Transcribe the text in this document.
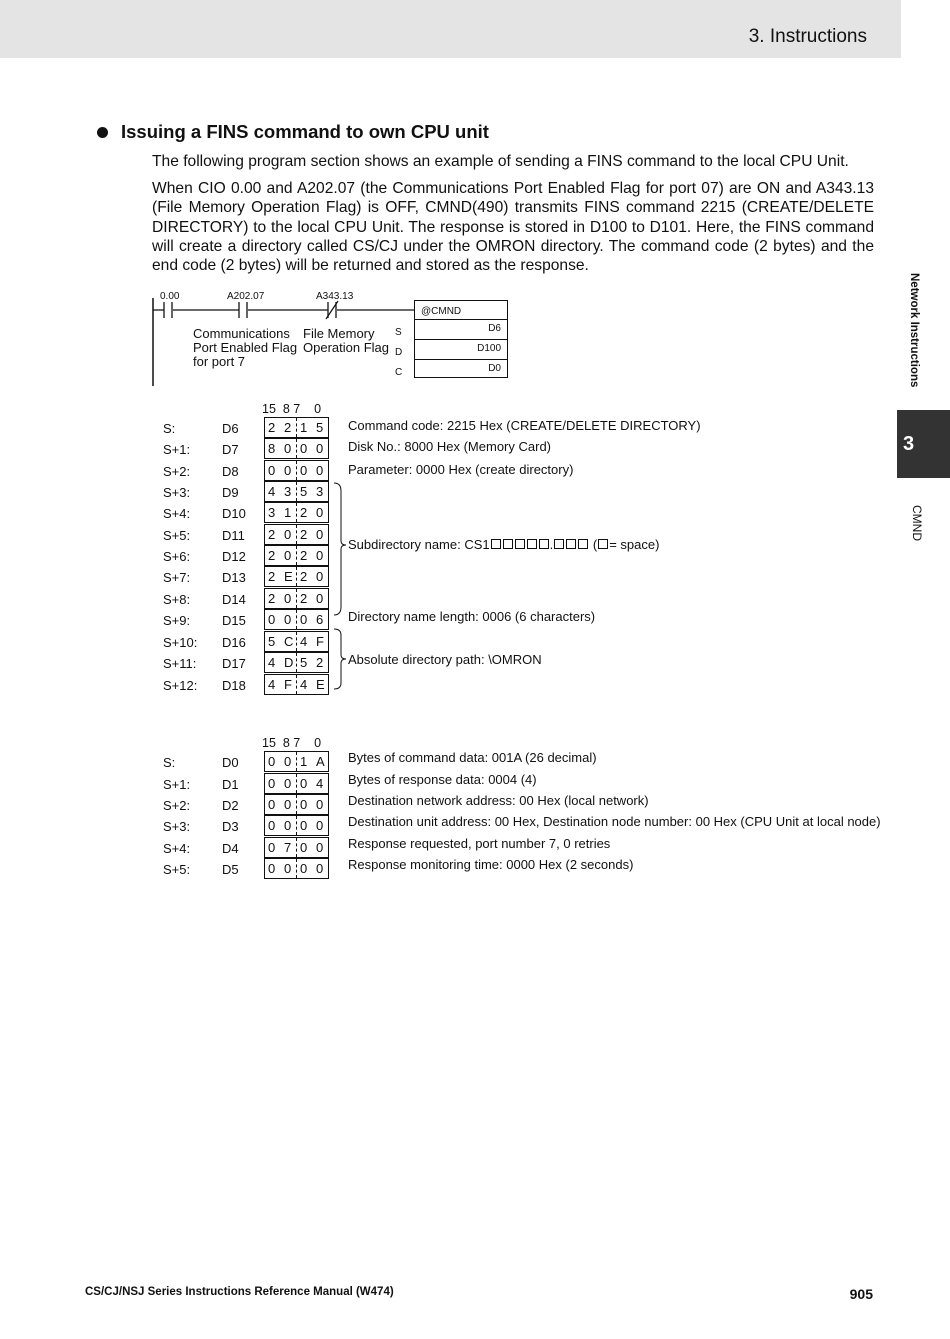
3. Instructions
Network Instructions
3
CMND
Issuing a FINS command to own CPU unit
The following program section shows an example of sending a FINS command to the local CPU Unit.
When CIO 0.00 and A202.07 (the Communications Port Enabled Flag for port 07) are ON and A343.13 (File Memory Operation Flag) is OFF, CMND(490) transmits FINS command 2215 (CREATE/DELETE DIRECTORY) to the local CPU Unit. The response is stored in D100 to D101. Here, the FINS command will create a directory called CS/CJ under the OMRON directory. The command code (2 bytes) and the end code (2 bytes) will be returned and stored as the response.
0.00	A202.07	A343.13
Communications
Port Enabled Flag
for port 7
File Memory
Operation Flag
@CMND
D6
D100
D0
S
D
C
15  8 7    0
S:	D6 2 2 1 5
S+1: D7 8 0 0 0
S+2: D8 0 0 0 0
S+3: D9 4 3 5 3
S+4: D10 3 1 2 0
S+5: D11 2 0 2 0
S+6: D12 2 0 2 0
S+7: D13 2 E 2 0
S+8: D14 2 0 2 0
S+9: D15 0 0 0 6
S+10: D16 5 C 4 F
S+11: D17 4 D 5 2
S+12: D18 4 F 4 E
Command code: 2215 Hex (CREATE/DELETE DIRECTORY)
Disk No.: 8000 Hex (Memory Card)
Parameter: 0000 Hex (create directory)
Subdirectory name: CS1	.	( = space)
Directory name length: 0006 (6 characters)
Absolute directory path: \OMRON
15  8 7    0
S:	D0 0 0 1 A Bytes of command data: 001A (26 decimal)
S+1: D1 0 0 0 4 Bytes of response data: 0004 (4)
S+2: D2 0 0 0 0 Destination network address: 00 Hex (local network)
S+3: D3 0 0 0 0 Destination unit address: 00 Hex, Destination node number: 00 Hex (CPU Unit at local node)
S+4: D4 0 7 0 0 Response requested, port number 7, 0 retries
S+5: D5 0 0 0 0 Response monitoring time: 0000 Hex (2 seconds)
CS/CJ/NSJ Series Instructions Reference Manual (W474)	905
